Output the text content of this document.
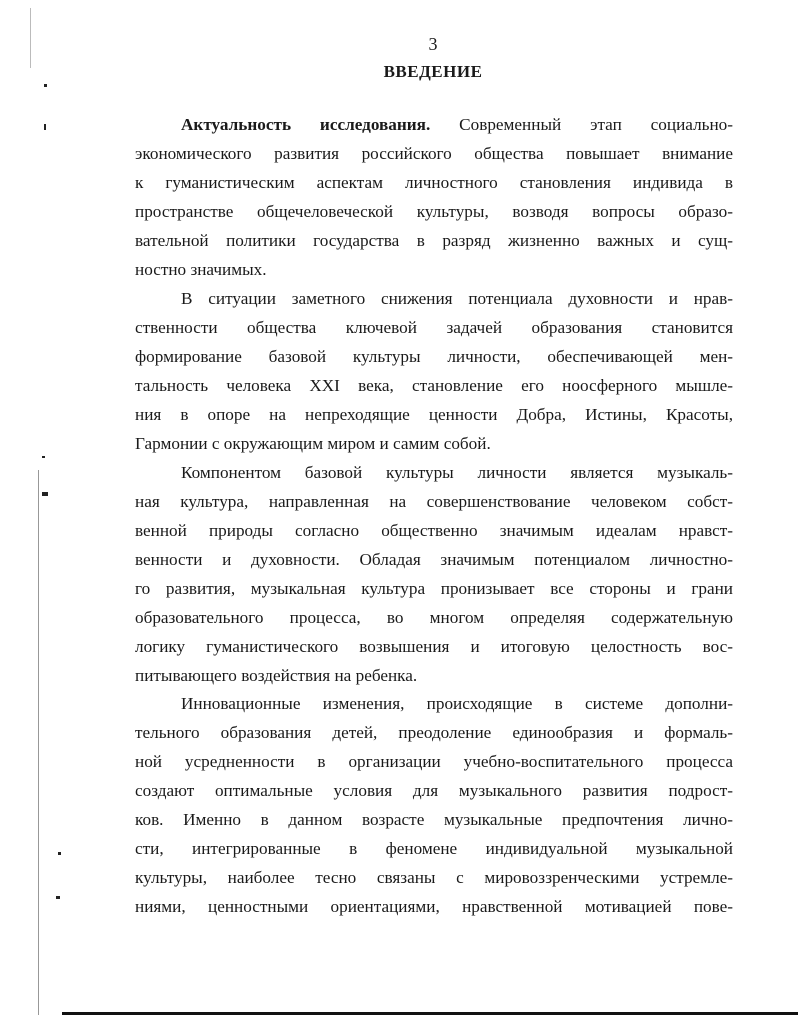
3
ВВЕДЕНИЕ
Актуальность исследования. Современный этап социально-
экономического развития российского общества повышает внимание
к гуманистическим аспектам личностного становления индивида в
пространстве общечеловеческой культуры, возводя вопросы образо-
вательной политики государства в разряд жизненно важных и сущ-
ностно значимых.
В ситуации заметного снижения потенциала духовности и нрав-
ственности общества ключевой задачей образования становится
формирование базовой культуры личности, обеспечивающей мен-
тальность человека XXI века, становление его ноосферного мышле-
ния в опоре на непреходящие ценности Добра, Истины, Красоты,
Гармонии с окружающим миром и самим собой.
Компонентом базовой культуры личности является музыкаль-
ная культура, направленная на совершенствование человеком собст-
венной природы согласно общественно значимым идеалам нравст-
венности и духовности. Обладая значимым потенциалом личностно-
го развития, музыкальная культура пронизывает все стороны и грани
образовательного процесса, во многом определяя содержательную
логику гуманистического возвышения и итоговую целостность вос-
питывающего воздействия на ребенка.
Инновационные изменения, происходящие в системе дополни-
тельного образования детей, преодоление единообразия и формаль-
ной усредненности в организации учебно-воспитательного процесса
создают оптимальные условия для музыкального развития подрост-
ков. Именно в данном возрасте музыкальные предпочтения лично-
сти, интегрированные в феномене индивидуальной музыкальной
культуры, наиболее тесно связаны с мировоззренческими устремле-
ниями, ценностными ориентациями, нравственной мотивацией пове-
